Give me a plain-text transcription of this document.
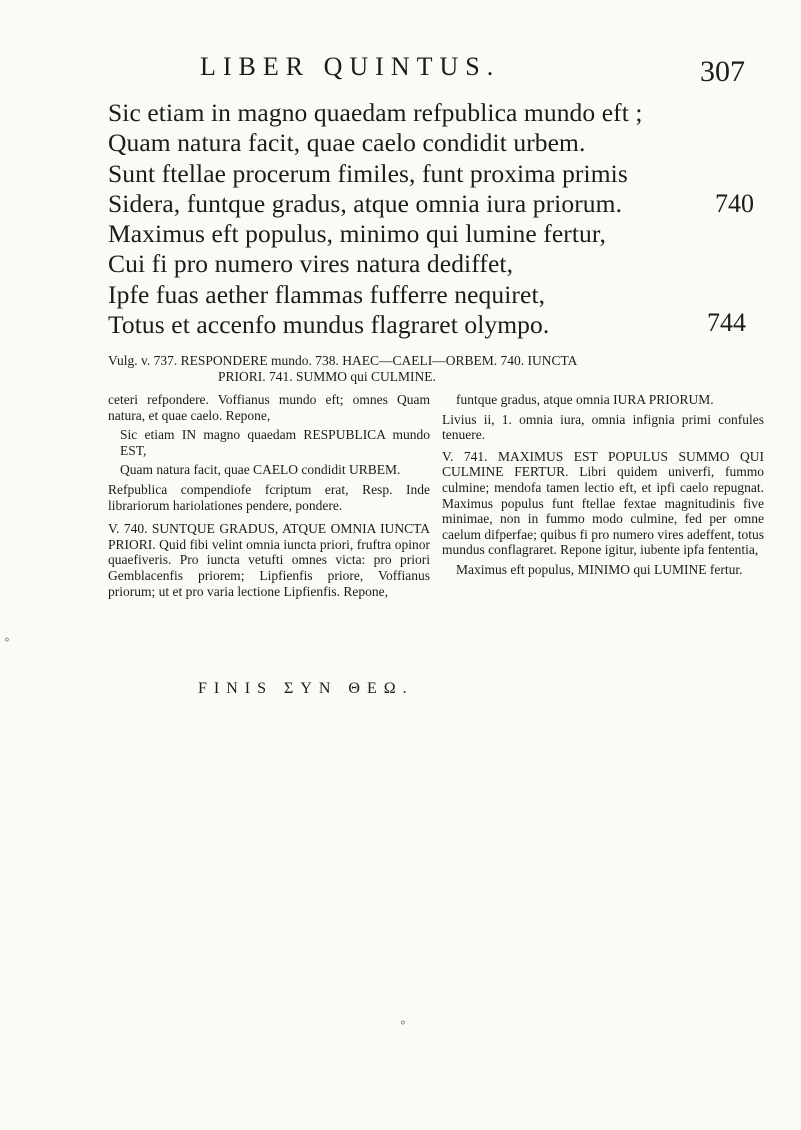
LIBER QUINTUS.	307
Sic etiam in magno quaedam refpublica mundo eft ;
Quam natura facit, quae caelo condidit urbem.
Sunt ftellae procerum fimiles, funt proxima primis
Sidera, funtque gradus, atque omnia iura priorum.
Maximus eft populus, minimo qui lumine fertur,
Cui fi pro numero vires natura dediffet,
Ipfe fuas aether flammas fufferre nequiret,
Totus et accenfo mundus flagraret olympo.
740
744
Vulg. v. 737. RESPONDERE mundo. 738. HAEC—CAELI—ORBEM. 740. IUNCTA
PRIORI. 741. SUMMO qui CULMINE.

ceteri refpondere. Voffianus mundo eft; omnes Quam natura, et quae caelo. Repone,

Sic etiam IN magno quaedam RESPUBLICA mundo EST,

Quam natura facit, quae CAELO condidit URBEM.

Refpublica compendiofe fcriptum erat, Resp. Inde librariorum hariolationes pendere, pondere.

V. 740. SUNTQUE GRADUS, ATQUE OMNIA IUNCTA PRIORI. Quid fibi velint omnia iuncta priori, fruftra opinor quaefiveris. Pro iuncta vetufti omnes victa: pro priori Gemblacenfis priorem; Lipfienfis priore, Voffianus priorum; ut et pro varia lectione Lipfienfis. Repone,

funtque gradus, atque omnia IURA PRIORUM.

Livius ii, 1. omnia iura, omnia infignia primi confules tenuere.

V. 741. MAXIMUS EST POPULUS SUMMO QUI CULMINE FERTUR. Libri quidem univerfi, fummo culmine; mendofa tamen lectio eft, et ipfi caelo repugnat. Maximus populus funt ftellae fextae magnitudinis five minimae, non in fummo modo culmine, fed per omne caelum difperfae; quibus fi pro numero vires adeffent, totus mundus conflagraret. Repone igitur, iubente ipfa fententia,

Maximus eft populus, MINIMO qui LUMINE fertur.

FINIS ΣΥΝ ΘΕΩ.
⸰
⸰
